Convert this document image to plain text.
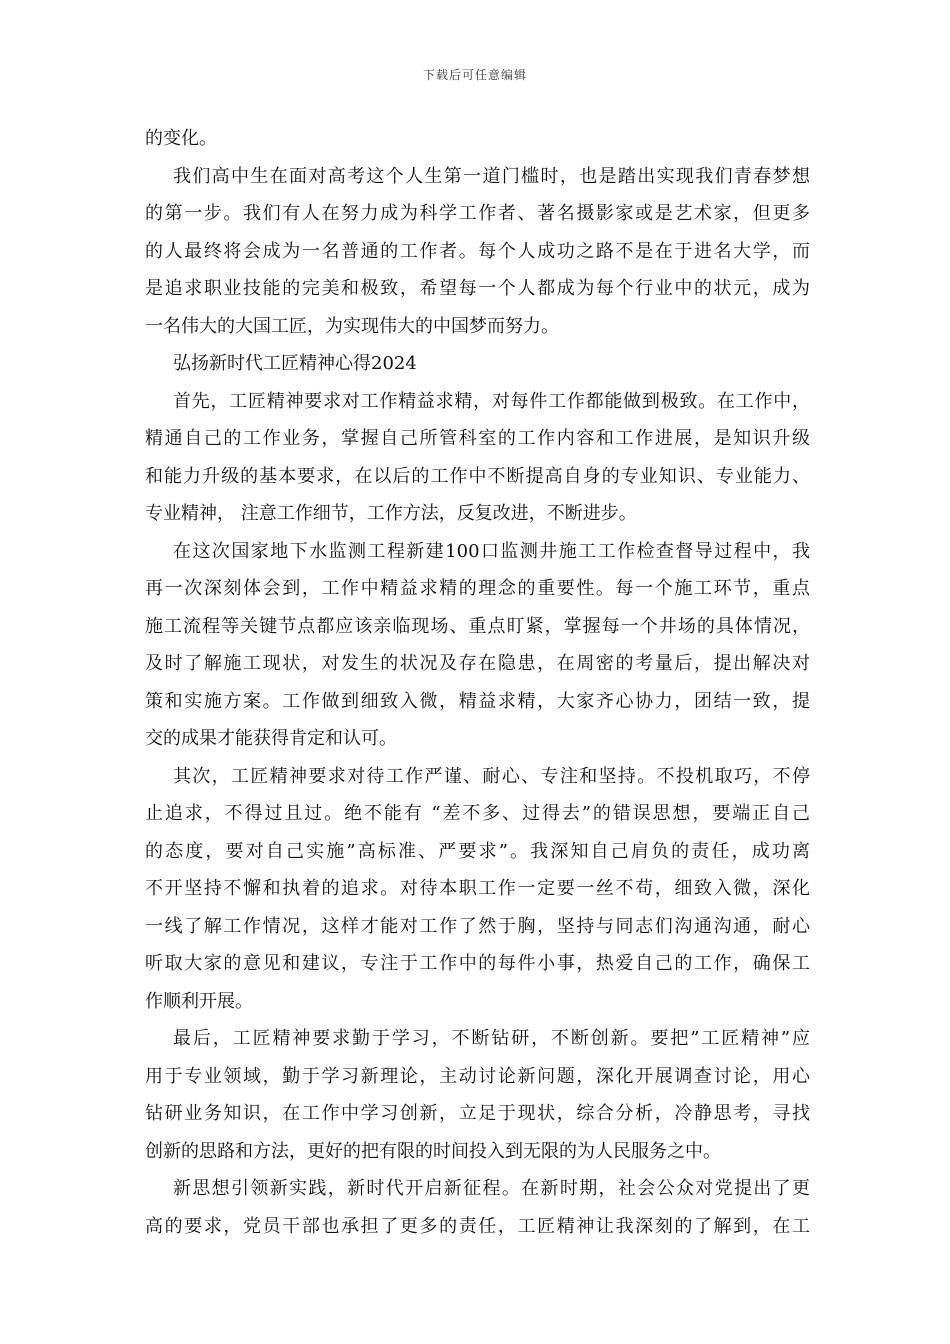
下载后可任意编辑
的变化。
我们高中生在面对高考这个人生第一道门槛时，也是踏出实现我们青春梦想
的第一步。我们有人在努力成为科学工作者、著名摄影家或是艺术家，但更多
的人最终将会成为一名普通的工作者。每个人成功之路不是在于进名大学，而
是追求职业技能的完美和极致，希望每一个人都成为每个行业中的状元，成为
一名伟大的大国工匠，为实现伟大的中国梦而努力。
弘扬新时代工匠精神心得2024
首先，工匠精神要求对工作精益求精，对每件工作都能做到极致。在工作中，
精通自己的工作业务，掌握自己所管科室的工作内容和工作进展，是知识升级
和能力升级的基本要求，在以后的工作中不断提高自身的专业知识、专业能力、
专业精神， 注意工作细节，工作方法，反复改进，不断进步。
在这次国家地下水监测工程新建100口监测井施工工作检查督导过程中，我
再一次深刻体会到，工作中精益求精的理念的重要性。每一个施工环节，重点
施工流程等关键节点都应该亲临现场、重点盯紧，掌握每一个井场的具体情况，
及时了解施工现状，对发生的状况及存在隐患，在周密的考量后，提出解决对
策和实施方案。工作做到细致入微，精益求精，大家齐心协力，团结一致，提
交的成果才能获得肯定和认可。
其次，工匠精神要求对待工作严谨、耐心、专注和坚持。不投机取巧，不停
止追求，不得过且过。绝不能有 “差不多、过得去”的错误思想，要端正自己
的态度，要对自己实施”高标准、严要求”。我深知自己肩负的责任，成功离
不开坚持不懈和执着的追求。对待本职工作一定要一丝不苟，细致入微，深化
一线了解工作情况，这样才能对工作了然于胸，坚持与同志们沟通沟通，耐心
听取大家的意见和建议，专注于工作中的每件小事，热爱自己的工作，确保工
作顺利开展。
最后，工匠精神要求勤于学习，不断钻研，不断创新。要把”工匠精神”应
用于专业领域，勤于学习新理论，主动讨论新问题，深化开展调查讨论，用心
钻研业务知识，在工作中学习创新，立足于现状，综合分析，冷静思考，寻找
创新的思路和方法，更好的把有限的时间投入到无限的为人民服务之中。
新思想引领新实践，新时代开启新征程。在新时期，社会公众对党提出了更
高的要求，党员干部也承担了更多的责任，工匠精神让我深刻的了解到，在工
